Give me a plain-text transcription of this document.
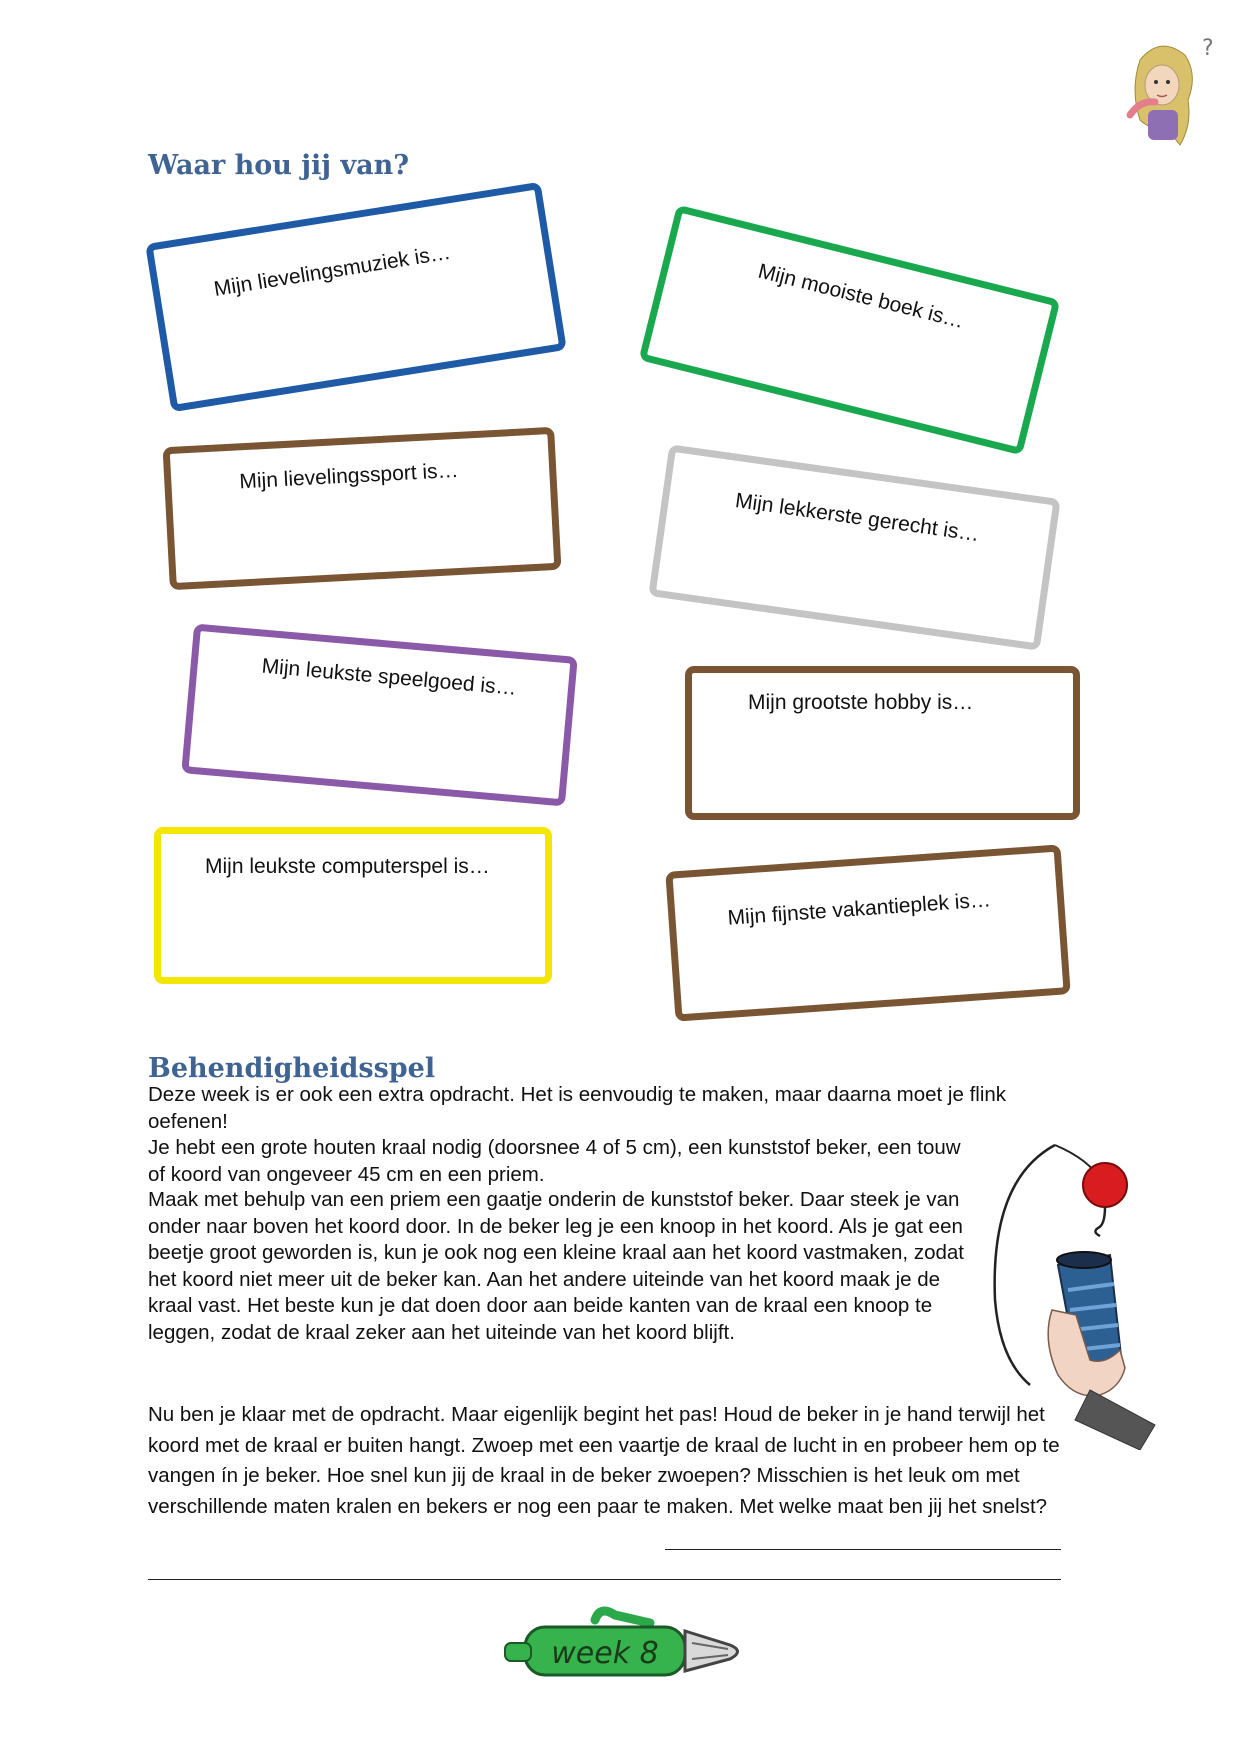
?
Waar hou jij van?
Mijn lievelingsmuziek is…	Mijn mooiste boek is…
Mijn lievelingssport is…
Mijn lekkerste gerecht is…
Mijn leukste speelgoed is…
Mijn grootste hobby is…
Mijn leukste computerspel is…
Mijn fijnste vakantieplek is…
Behendigheidsspel

Deze week is er ook een extra opdracht. Het is eenvoudig te maken, maar daarna moet je flink oefenen!

Je hebt een grote houten kraal nodig (doorsnee 4 of 5 cm), een kunststof beker, een touw of koord van ongeveer 45 cm en een priem.

Maak met behulp van een priem een gaatje onderin de kunststof beker. Daar steek je van onder naar boven het koord door. In de beker leg je een knoop in het koord. Als je gat een beetje groot geworden is, kun je ook nog een kleine kraal aan het koord vastmaken, zodat het koord niet meer uit de beker kan. Aan het andere uiteinde van het koord maak je de kraal vast. Het beste kun je dat doen door aan beide kanten van de kraal een knoop te leggen, zodat de kraal zeker aan het uiteinde van het koord blijft.

Nu ben je klaar met de opdracht. Maar eigenlijk begint het pas! Houd de beker in je hand terwijl het koord met de kraal er buiten hangt. Zwoep met een vaartje de kraal de lucht in en probeer hem op te vangen ín je beker. Hoe snel kun jij de kraal in de beker zwoepen? Misschien is het leuk om met verschillende maten kralen en bekers er nog een paar te maken. Met welke maat ben jij het snelst?

week 8
